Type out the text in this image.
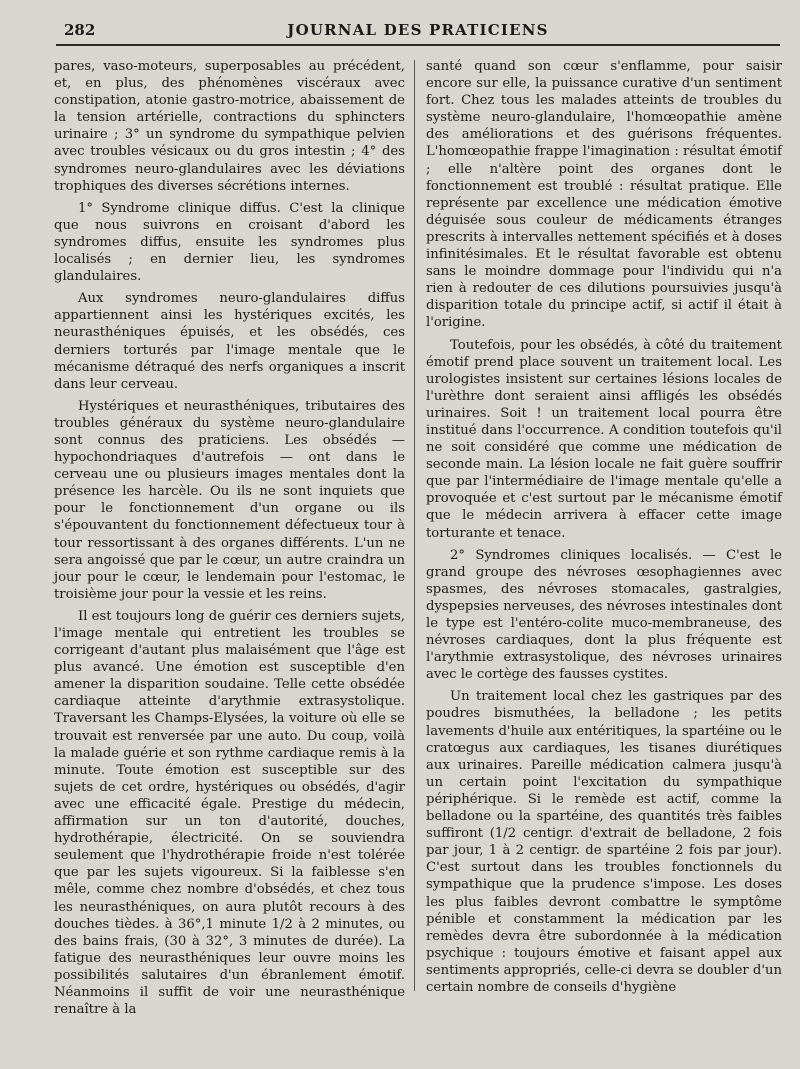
282	JOURNAL DES PRATICIENS

pares, vaso-moteurs, superposables au précédent, et, en plus, des phénomènes viscéraux avec constipation, atonie gastro-motrice, abaissement de la tension artérielle, contractions du sphincters urinaire ; 3° un syndrome du sympathique pelvien avec troubles vésicaux ou du gros intestin ; 4° des syndromes neuro-glandulaires avec les déviations trophiques des diverses sécrétions internes.

1° Syndrome clinique diffus. C'est la clinique que nous suivrons en croisant d'abord les syndromes diffus, ensuite les syndromes plus localisés ; en dernier lieu, les syndromes glandulaires.

Aux syndromes neuro-glandulaires diffus appartiennent ainsi les hystériques excités, les neurasthéniques épuisés, et les obsédés, ces derniers torturés par l'image mentale que le mécanisme détraqué des nerfs organiques a inscrit dans leur cerveau.

Hystériques et neurasthéniques, tributaires des troubles généraux du système neuro-glandulaire sont connus des praticiens. Les obsédés — hypochondriaques d'autrefois — ont dans le cerveau une ou plusieurs images mentales dont la présence les harcèle. Ou ils ne sont inquiets que pour le fonctionnement d'un organe ou ils s'épouvantent du fonctionnement défectueux tour à tour ressortissant à des organes différents. L'un ne sera angoissé que par le cœur, un autre craindra un jour pour le cœur, le lendemain pour l'estomac, le troisième jour pour la vessie et les reins.

Il est toujours long de guérir ces derniers sujets, l'image mentale qui entretient les troubles se corrigeant d'autant plus malaisément que l'âge est plus avancé. Une émotion est susceptible d'en amener la disparition soudaine. Telle cette obsédée cardiaque atteinte d'arythmie extrasystolique. Traversant les Champs-Elysées, la voiture où elle se trouvait est renversée par une auto. Du coup, voilà la malade guérie et son rythme cardiaque remis à la minute. Toute émotion est susceptible sur des sujets de cet ordre, hystériques ou obsédés, d'agir avec une efficacité égale. Prestige du médecin, affirmation sur un ton d'autorité, douches, hydrothérapie, électricité. On se souviendra seulement que l'hydrothérapie froide n'est tolérée que par les sujets vigoureux. Si la faiblesse s'en mêle, comme chez nombre d'obsédés, et chez tous les neurasthéniques, on aura plutôt recours à des douches tièdes. à 36°,1 minute 1/2 à 2 minutes, ou des bains frais, (30 à 32°, 3 minutes de durée). La fatigue des neurasthéniques leur ouvre moins les possibilités salutaires d'un ébranlement émotif. Néanmoins il suffit de voir une neurasthénique renaître à la

santé quand son cœur s'enflamme, pour saisir encore sur elle, la puissance curative d'un sentiment fort. Chez tous les malades atteints de troubles du système neuro-glandulaire, l'homœopathie amène des améliorations et des guérisons fréquentes. L'homœopathie frappe l'imagination : résultat émotif ; elle n'altère point des organes dont le fonctionnement est troublé : résultat pratique. Elle représente par excellence une médication émotive déguisée sous couleur de médicaments étranges prescrits à intervalles nettement spécifiés et à doses infinitésimales. Et le résultat favorable est obtenu sans le moindre dommage pour l'individu qui n'a rien à redouter de ces dilutions poursuivies jusqu'à disparition totale du principe actif, si actif il était à l'origine.

Toutefois, pour les obsédés, à côté du traitement émotif prend place souvent un traitement local. Les urologistes insistent sur certaines lésions locales de l'urèthre dont seraient ainsi affligés les obsédés urinaires. Soit ! un traitement local pourra être institué dans l'occurrence. A condition toutefois qu'il ne soit considéré que comme une médication de seconde main. La lésion locale ne fait guère souffrir que par l'intermédiaire de l'image mentale qu'elle a provoquée et c'est surtout par le mécanisme émotif que le médecin arrivera à effacer cette image torturante et tenace.

2° Syndromes cliniques localisés. — C'est le grand groupe des névroses œsophagiennes avec spasmes, des névroses stomacales, gastralgies, dyspepsies nerveuses, des névroses intestinales dont le type est l'entéro-colite muco-membraneuse, des névroses cardiaques, dont la plus fréquente est l'arythmie extrasystolique, des névroses urinaires avec le cortège des fausses cystites.

Un traitement local chez les gastriques par des poudres bismuthées, la belladone ; les petits lavements d'huile aux entéritiques, la spartéine ou le cratœgus aux cardiaques, les tisanes diurétiques aux urinaires. Pareille médication calmera jusqu'à un certain point l'excitation du sympathique périphérique. Si le remède est actif, comme la belladone ou la spartéine, des quantités très faibles suffiront (1/2 centigr. d'extrait de belladone, 2 fois par jour, 1 à 2 centigr. de spartéine 2 fois par jour). C'est surtout dans les troubles fonctionnels du sympathique que la prudence s'impose. Les doses les plus faibles devront combattre le symptôme pénible et constamment la médication par les remèdes devra être subordonnée à la médication psychique : toujours émotive et faisant appel aux sentiments appropriés, celle-ci devra se doubler d'un certain nombre de conseils d'hygiène
